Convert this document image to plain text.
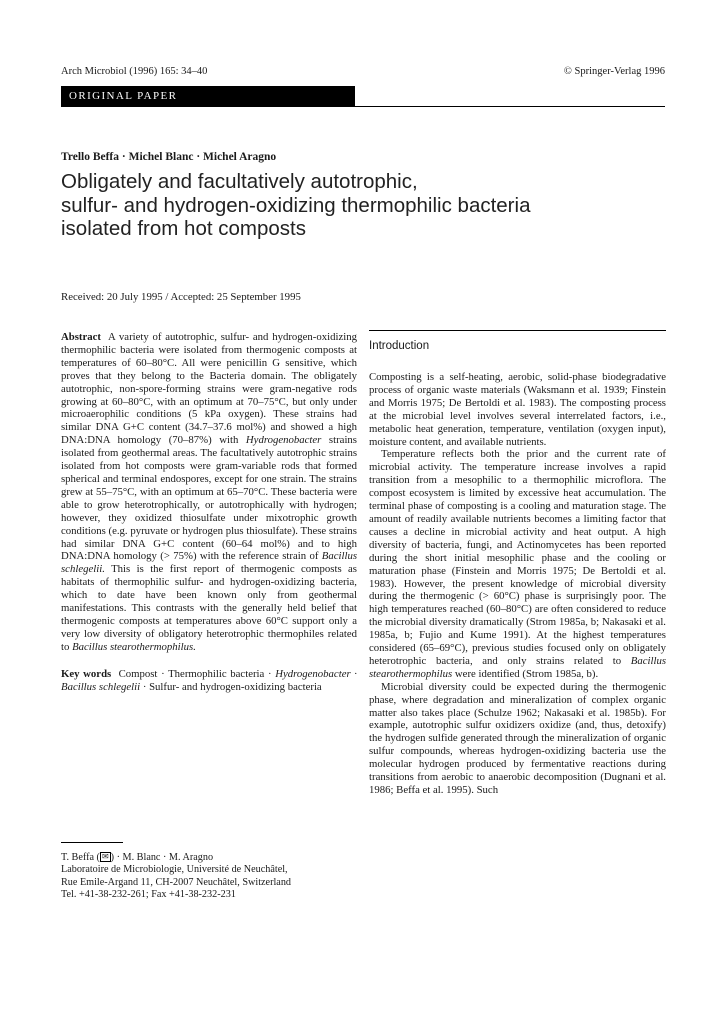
Arch Microbiol (1996) 165: 34–40	© Springer-Verlag 1996
ORIGINAL PAPER
Trello Beffa · Michel Blanc · Michel Aragno
Obligately and facultatively autotrophic,
sulfur- and hydrogen-oxidizing thermophilic bacteria
isolated from hot composts
Received: 20 July 1995 / Accepted: 25 September 1995

Abstract A variety of autotrophic, sulfur- and hydrogen-oxidizing thermophilic bacteria were isolated from thermogenic composts at temperatures of 60–80°C. All were penicillin G sensitive, which proves that they belong to the Bacteria domain. The obligately autotrophic, non-spore-forming strains were gram-negative rods growing at 60–80°C, with an optimum at 70–75°C, but only under microaerophilic conditions (5 kPa oxygen). These strains had similar DNA G+C content (34.7–37.6 mol%) and showed a high DNA:DNA homology (70–87%) with Hydrogenobacter strains isolated from geothermal areas. The facultatively autotrophic strains isolated from hot composts were gram-variable rods that formed spherical and terminal endospores, except for one strain. The strains grew at 55–75°C, with an optimum at 65–70°C. These bacteria were able to grow heterotrophically, or autotrophically with hydrogen; however, they oxidized thiosulfate under mixotrophic growth conditions (e.g. pyruvate or hydrogen plus thiosulfate). These strains had similar DNA G+C content (60–64 mol%) and to high DNA:DNA homology (> 75%) with the reference strain of Bacillus schlegelii. This is the first report of thermogenic composts as habitats of thermophilic sulfur- and hydrogen-oxidizing bacteria, which to date have been known only from geothermal manifestations. This contrasts with the generally held belief that thermogenic composts at temperatures above 60°C support only a very low diversity of obligatory heterotrophic thermophiles related to Bacillus stearothermophilus.

Key words Compost · Thermophilic bacteria · Hydrogenobacter · Bacillus schlegelii · Sulfur- and hydrogen-oxidizing bacteria

T. Beffa ( ✉ ) · M. Blanc · M. Aragno
Laboratoire de Microbiologie, Université de Neuchâtel,
Rue Emile-Argand 11, CH-2007 Neuchâtel, Switzerland
Tel. +41-38-232-261; Fax +41-38-232-231
Introduction

Composting is a self-heating, aerobic, solid-phase biodegradative process of organic waste materials (Waksmann et al. 1939; Finstein and Morris 1975; De Bertoldi et al. 1983). The composting process at the microbial level involves several interrelated factors, i.e., metabolic heat generation, temperature, ventilation (oxygen input), moisture content, and available nutrients.

Temperature reflects both the prior and the current rate of microbial activity. The temperature increase involves a rapid transition from a mesophilic to a thermophilic microflora. The compost ecosystem is limited by excessive heat accumulation. The terminal phase of composting is a cooling and maturation stage. The amount of readily available nutrients becomes a limiting factor that causes a decline in microbial activity and heat output. A high diversity of bacteria, fungi, and Actinomycetes has been reported during the short initial mesophilic phase and the cooling or maturation phase (Finstein and Morris 1975; De Bertoldi et al. 1983). However, the present knowledge of microbial diversity during the thermogenic (> 60°C) phase is surprisingly poor. The high temperatures reached (60–80°C) are often considered to reduce the microbial diversity dramatically (Strom 1985a, b; Nakasaki et al. 1985a, b; Fujio and Kume 1991). At the highest temperatures considered (65–69°C), previous studies focused only on obligately heterotrophic bacteria, and only strains related to Bacillus stearothermophilus were identified (Strom 1985a, b).

Microbial diversity could be expected during the thermogenic phase, where degradation and mineralization of complex organic matter also takes place (Schulze 1962; Nakasaki et al. 1985b). For example, autotrophic sulfur oxidizers oxidize (and, thus, detoxify) the hydrogen sulfide generated through the mineralization of organic sulfur compounds, whereas hydrogen-oxidizing bacteria use the molecular hydrogen produced by fermentative reactions during transitions from aerobic to anaerobic decomposition (Dugnani et al. 1986; Beffa et al. 1995). Such
